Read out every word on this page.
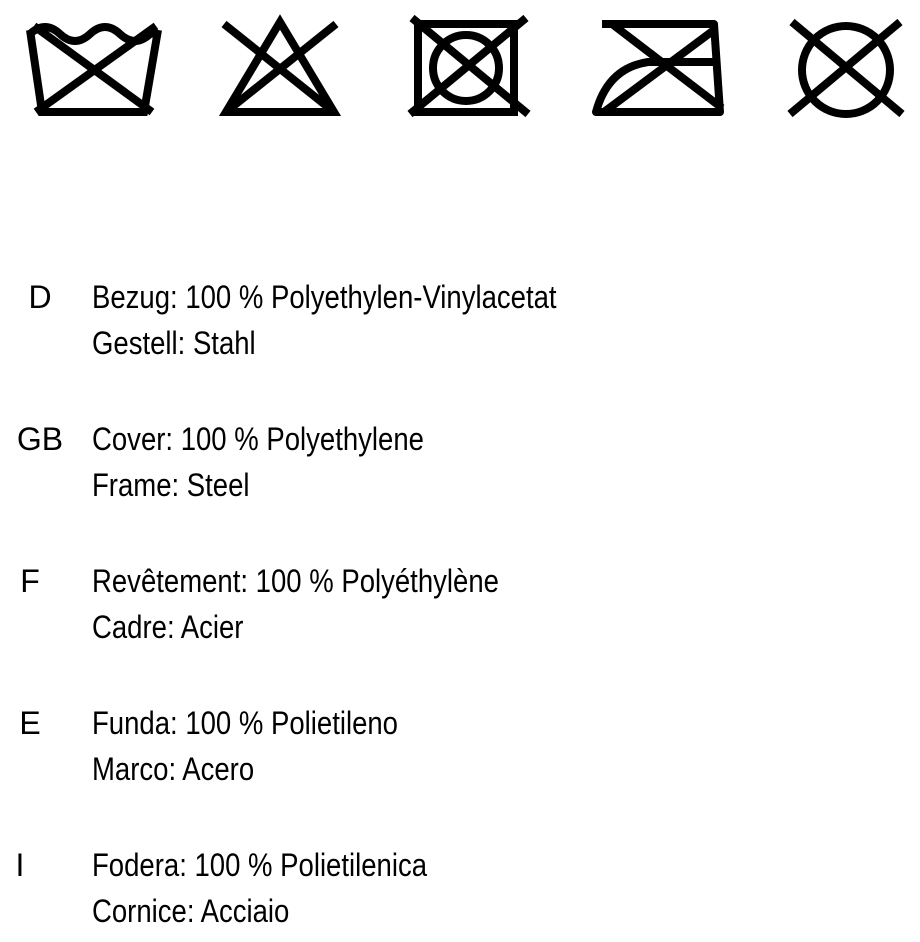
D	Bezug: 100 % Polyethylen-Vinylacetat
Gestell: Stahl
GB Cover: 100 % Polyethylene
Frame: Steel
F	Revêtement: 100 % Polyéthylène
Cadre: Acier
E	Funda: 100 % Polietileno
Marco: Acero
I	Fodera: 100 % Polietilenica
Cornice: Acciaio
